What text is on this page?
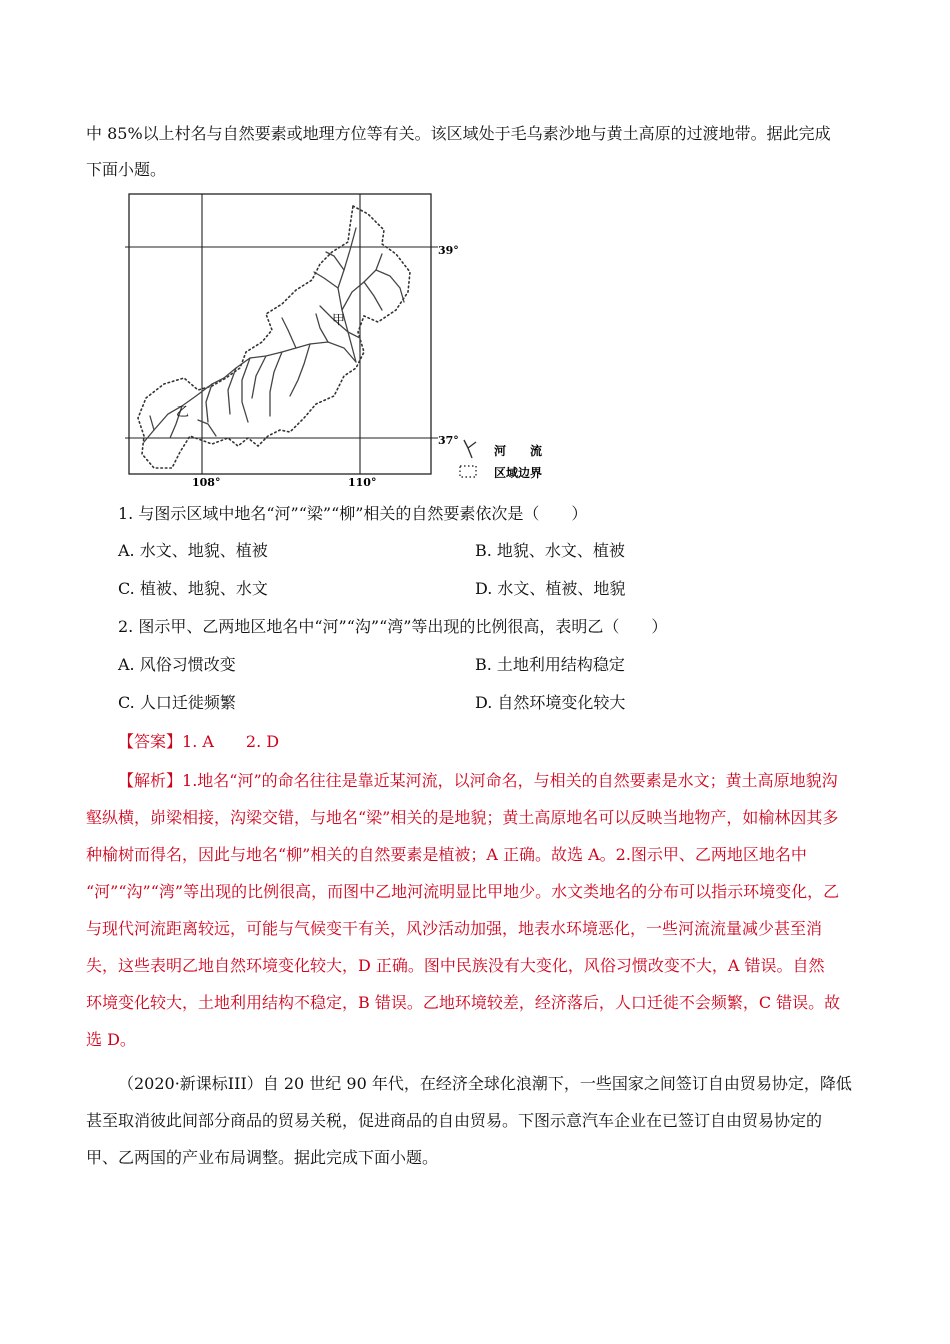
中 85%以上村名与自然要素或地理方位等有关。该区域处于毛乌素沙地与黄土高原的过渡地带。据此完成
下面小题。
甲
乙
39°
37°
108°	110°
河　　流
区域边界
1. 与图示区域中地名“河”“梁”“柳”相关的自然要素依次是（　　）
A. 水文、地貌、植被	B. 地貌、水文、植被
C. 植被、地貌、水文	D. 水文、植被、地貌
2. 图示甲、乙两地区地名中“河”“沟”“湾”等出现的比例很高，表明乙（　　）
A. 风俗习惯改变	B. 土地利用结构稳定
C. 人口迁徙频繁	D. 自然环境变化较大
【答案】1. A　　2. D
【解析】1.地名“河”的命名往往是靠近某河流，以河命名，与相关的自然要素是水文；黄土高原地貌沟
壑纵横，峁梁相接，沟梁交错，与地名“梁”相关的是地貌；黄土高原地名可以反映当地物产，如榆林因其多
种榆树而得名，因此与地名“柳”相关的自然要素是植被；A 正确。故选 A。2.图示甲、乙两地区地名中
“河”“沟”“湾”等出现的比例很高，而图中乙地河流明显比甲地少。水文类地名的分布可以指示环境变化，乙
与现代河流距离较远，可能与气候变干有关，风沙活动加强，地表水环境恶化，一些河流流量减少甚至消
失，这些表明乙地自然环境变化较大，D 正确。图中民族没有大变化，风俗习惯改变不大，A 错误。自然
环境变化较大，土地利用结构不稳定，B 错误。乙地环境较差，经济落后，人口迁徙不会频繁，C 错误。故
选 D。
（2020·新课标III）自 20 世纪 90 年代，在经济全球化浪潮下，一些国家之间签订自由贸易协定，降低
甚至取消彼此间部分商品的贸易关税，促进商品的自由贸易。下图示意汽车企业在已签订自由贸易协定的
甲、乙两国的产业布局调整。据此完成下面小题。
